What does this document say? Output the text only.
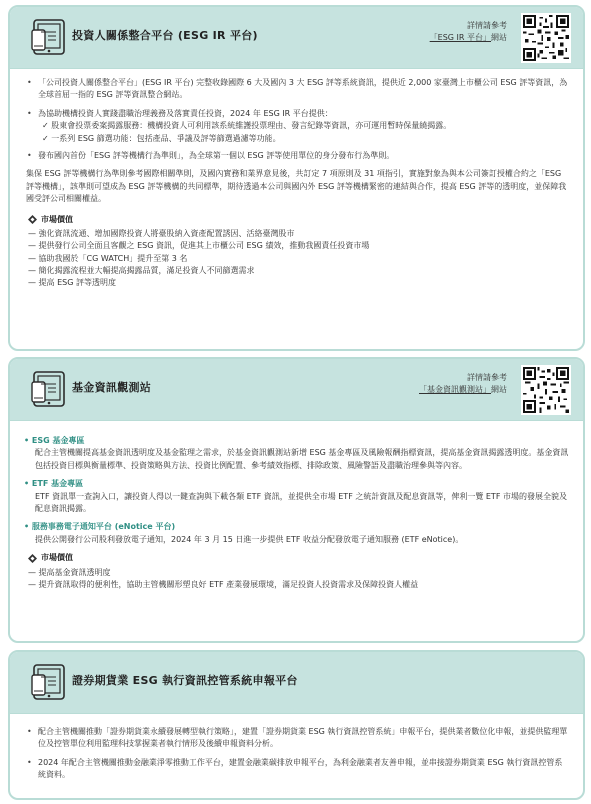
投資人關係整合平台 (ESG IR 平台)
詳情請參考
「ESG IR 平台」網站
• 「公司投資人關係整合平台」(ESG IR 平台) 完整收錄國際 6 大及國內 3 大 ESG 評等系統資訊，提供近 2,000 家臺灣上市櫃公司 ESG 評等資訊，為全球首屈一指的 ESG 評等資訊整合網站。
• 為協助機構投資人實踐盡職治理義務及落實責任投資，2024 年 ESG IR 平台提供：
✓ 股東會投票委案揭露服務：機構投資人可利用該系統維護投票理由、發言紀錄等資訊，亦可運用暫時保量繞揭露。
✓ 一系列 ESG 篩選功能：包括產品、爭議及評等篩選過濾等功能。
• 發布國內首份「ESG 評等機構行為準則」，為全球第一個以 ESG 評等使用單位的身分發布行為準則。
集保 ESG 評等機構行為準則參考國際相關準則，及國內實務和業界意見後，共訂定 7 項原則及 31 項指引，實施對象為與本公司簽訂授權合約之「ESG 評等機構」，該準則可望成為 ESG 評等機構的共同標準，期待透過本公司與國內外 ESG 評等機構緊密的連結與合作，提高 ESG 評等的透明度，並保障我國受評公司相關權益。
市場價值
— 強化資訊流通、增加國際投資人將臺股納入資產配置誘因、活絡臺灣股市
— 提供發行公司全面且客觀之 ESG 資訊，促進其上市櫃公司 ESG 績效，推動我國責任投資市場
— 協助我國於「CG WATCH」提升至第 3 名
— 簡化揭露流程並大幅提高揭露品質，滿足投資人不同篩選需求
— 提高 ESG 評等透明度
基金資訊觀測站
詳情請參考
「基金資訊觀測站」網站
• ESG 基金專區
配合主管機關提高基金資訊透明度及基金監理之需求，於基金資訊觀測站新增 ESG 基金專區及風險報酬指標資訊，提高基金資訊揭露透明度。基金資訊包括投資目標與衡量標準、投資策略與方法、投資比例配置、參考績效指標、排除政策、風險警語及盡職治理參與等內容。
• ETF 基金專區
ETF 資訊單一查詢入口，讓投資人得以一鍵查詢與下載各類 ETF 資訊，並提供全市場 ETF 之統計資訊及配息資訊等，俾利一覽 ETF 市場的發展全貌及配息資訊揭露。
• 服務事務電子通知平台 (eNotice 平台)
提供公開發行公司股利發放電子通知，2024 年 3 月 15 日進一步提供 ETF 收益分配發放電子通知服務 (ETF eNotice)。
市場價值
— 提高基金資訊透明度
— 提升資訊取得的便利性，協助主管機關形塑良好 ETF 產業發展環境，滿足投資人投資需求及保障投資人權益
證券期貨業 ESG 執行資訊控管系統申報平台
• 配合主管機關推動「證券期貨業永續發展轉型執行策略」，建置「證券期貨業 ESG 執行資訊控管系統」申報平台，提供業者數位化申報，並提供監理單位及控管單位利用監理科技掌握業者執行情形及後續申報資料分析。
• 2024 年配合主管機關推動金融業淨零推動工作平台，建置金融業碳排放申報平台，為利金融業者友善申報，並串接證券期貨業 ESG 執行資訊控管系統資料。
